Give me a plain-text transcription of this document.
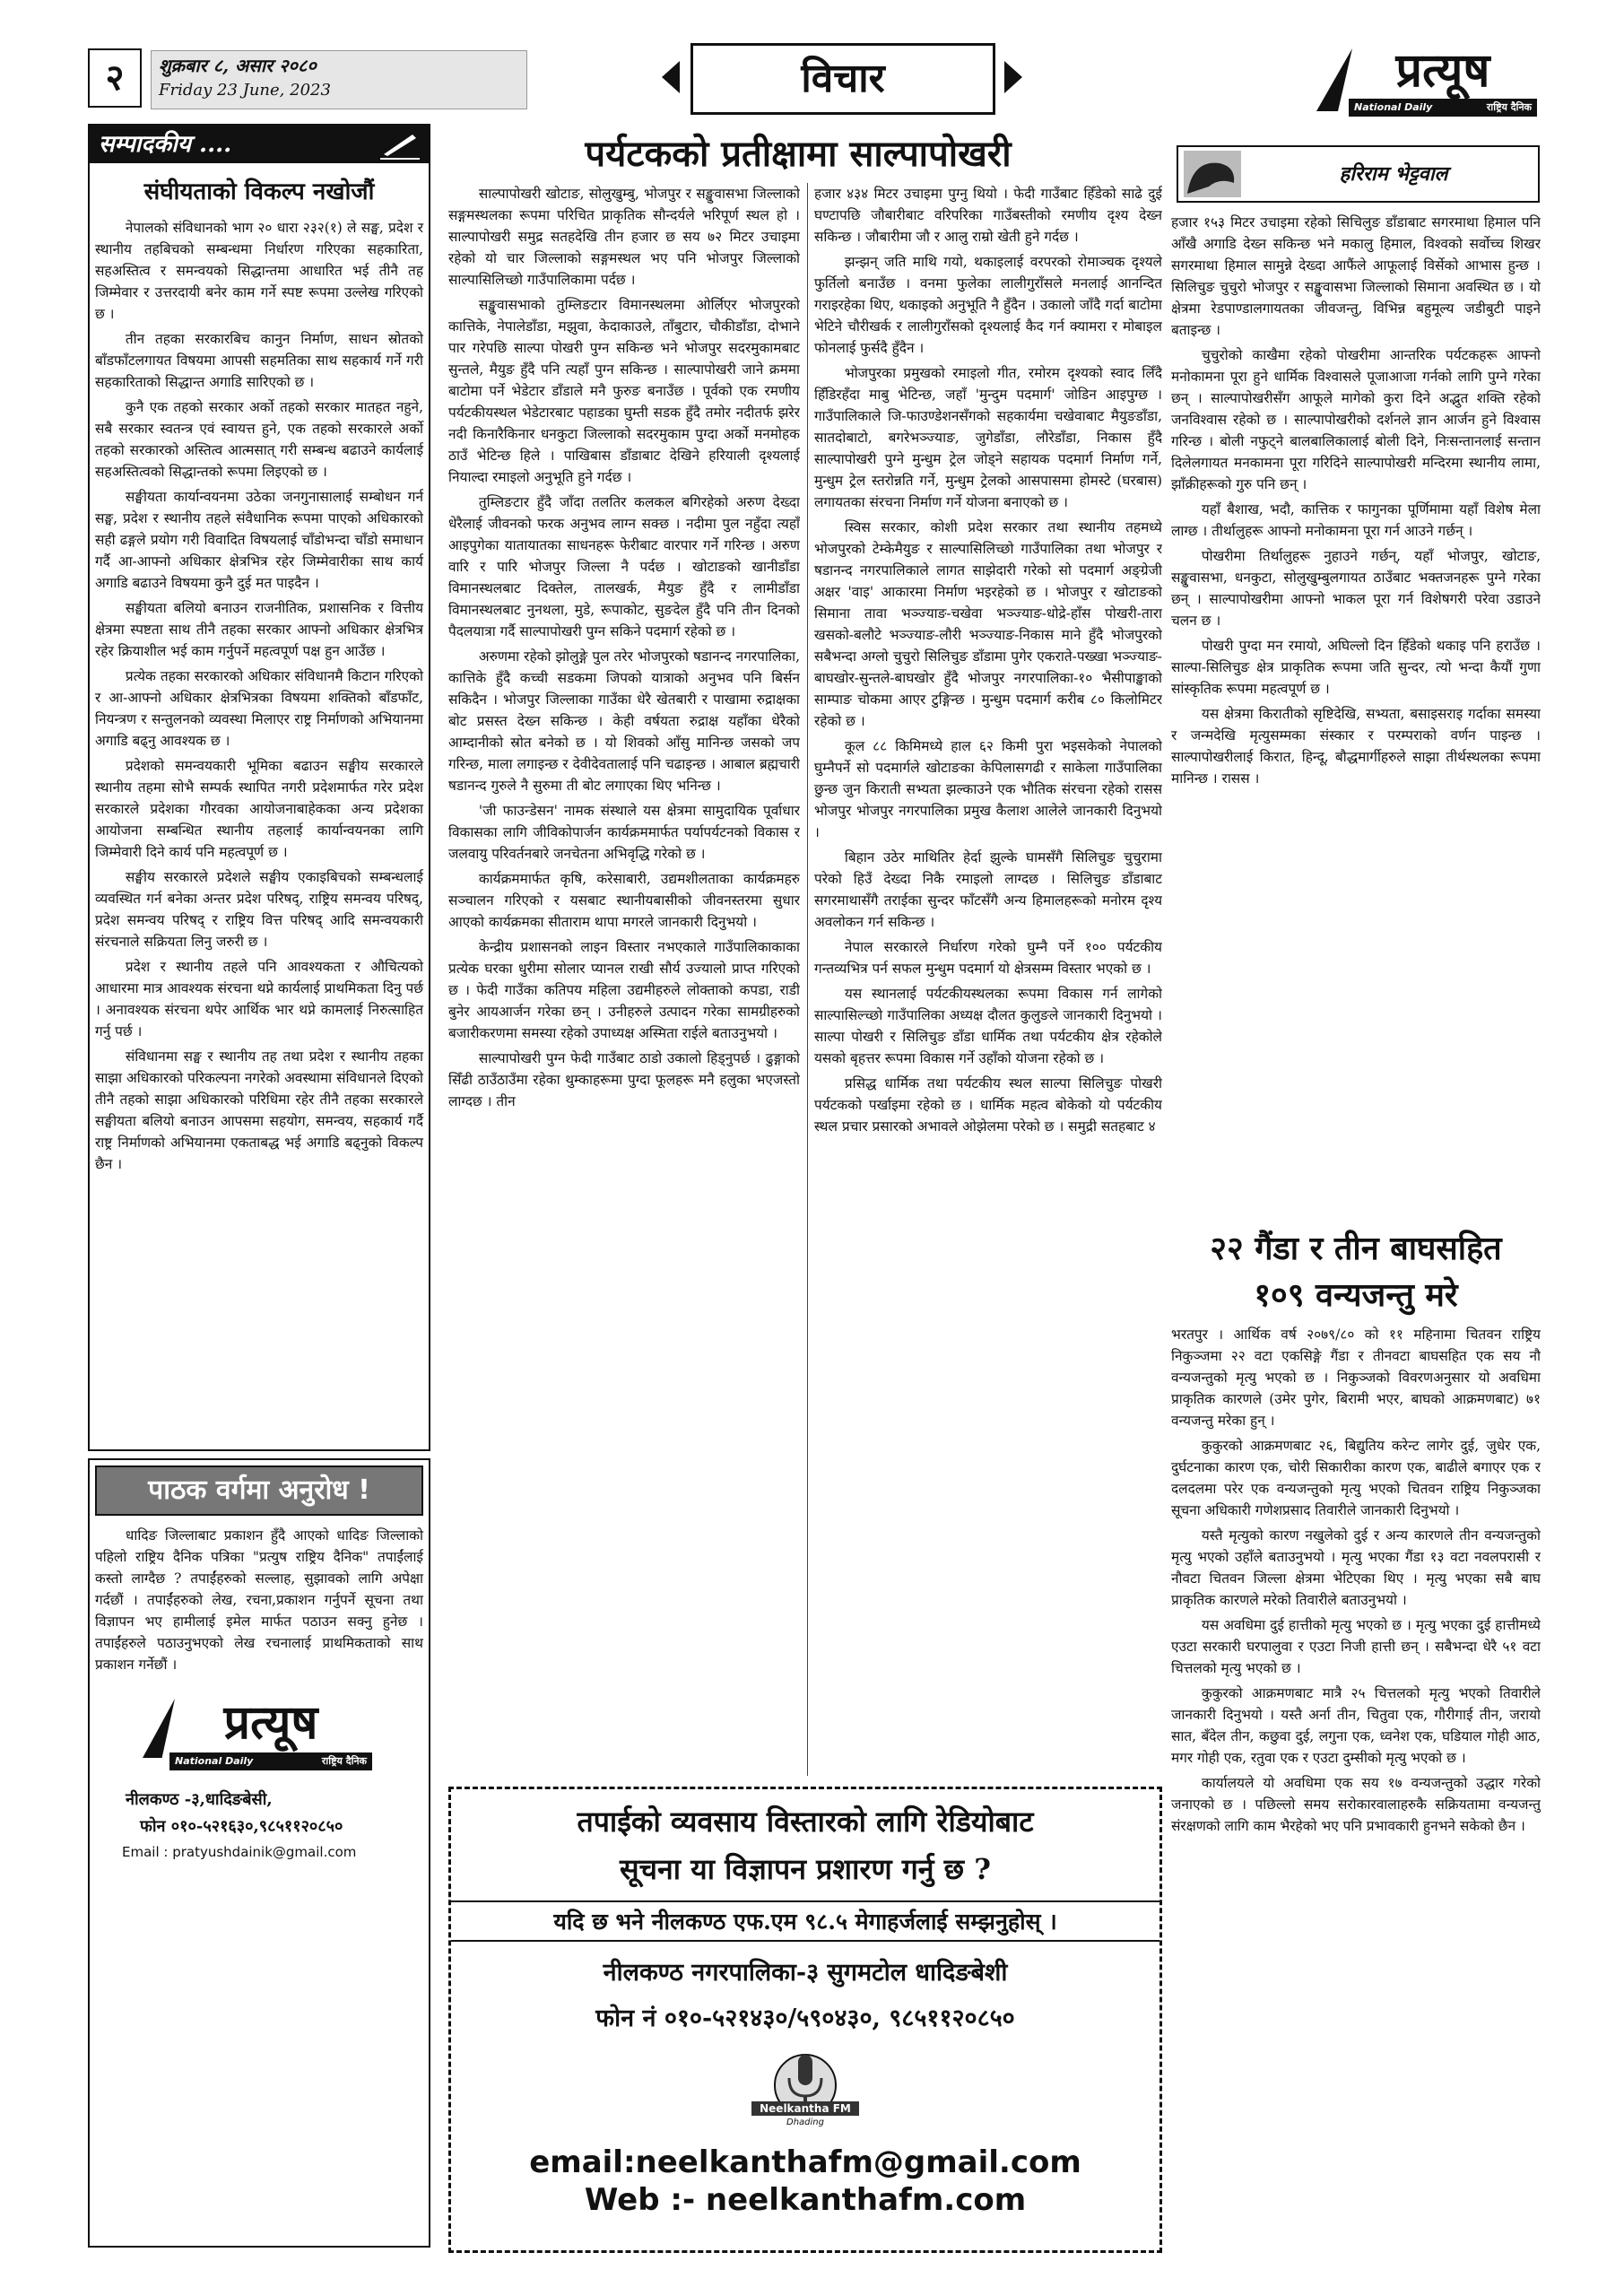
२	शुक्रबार ८, असार २०८०
Friday 23 June, 2023	विचार	प्रत्यूष
National Daily	राष्ट्रिय दैनिक
सम्पादकीय ....
संघीयताको विकल्प नखोजौं

नेपालको संविधानको भाग २० धारा २३२(१) ले सङ्घ, प्रदेश र स्थानीय तहबिचको सम्बन्धमा निर्धारण गरिएका सहकारिता, सहअस्तित्व र समन्वयको सिद्धान्तमा आधारित भई तीनै तह जिम्मेवार र उत्तरदायी बनेर काम गर्ने स्पष्ट रूपमा उल्लेख गरिएको छ ।

तीन तहका सरकारबिच कानुन निर्माण, साधन स्रोतको बाँडफाँटलगायत विषयमा आपसी सहमतिका साथ सहकार्य गर्ने गरी सहकारिताको सिद्धान्त अगाडि सारिएको छ ।

कुनै एक तहको सरकार अर्को तहको सरकार मातहत नहुने, सबै सरकार स्वतन्त्र एवं स्वायत्त हुने, एक तहको सरकारले अर्को तहको सरकारको अस्तित्व आत्मसात् गरी सम्बन्ध बढाउने कार्यलाई सहअस्तित्वको सिद्धान्तको रूपमा लिइएको छ ।

सङ्घीयता कार्यान्वयनमा उठेका जनगुनासालाई सम्बोधन गर्न सङ्घ, प्रदेश र स्थानीय तहले संवैधानिक रूपमा पाएको अधिकारको सही ढङ्गले प्रयोग गरी विवादित विषयलाई चाँडोभन्दा चाँडो समाधान गर्दै आ-आफ्नो अधिकार क्षेत्रभित्र रहेर जिम्मेवारीका साथ कार्य अगाडि बढाउने विषयमा कुनै दुई मत पाइदैन ।

सङ्घीयता बलियो बनाउन राजनीतिक, प्रशासनिक र वित्तीय क्षेत्रमा स्पष्टता साथ तीनै तहका सरकार आफ्नो अधिकार क्षेत्रभित्र रहेर क्रियाशील भई काम गर्नुपर्ने महत्वपूर्ण पक्ष हुन आउँछ ।

प्रत्येक तहका सरकारको अधिकार संविधानमै किटान गरिएको र आ-आफ्नो अधिकार क्षेत्रभित्रका विषयमा शक्तिको बाँडफाँट, नियन्त्रण र सन्तुलनको व्यवस्था मिलाएर राष्ट्र निर्माणको अभियानमा अगाडि बढ्नु आवश्यक छ ।

प्रदेशको समन्वयकारी भूमिका बढाउन सङ्घीय सरकारले स्थानीय तहमा सोभै सम्पर्क स्थापित नगरी प्रदेशमार्फत गरेर प्रदेश सरकारले प्रदेशका गौरवका आयोजनाबाहेकका अन्य प्रदेशका आयोजना सम्बन्धित स्थानीय तहलाई कार्यान्वयनका लागि जिम्मेवारी दिने कार्य पनि महत्वपूर्ण छ ।

सङ्घीय सरकारले प्रदेशले सङ्घीय एकाइबिचको सम्बन्धलाई व्यवस्थित गर्न बनेका अन्तर प्रदेश परिषद्, राष्ट्रिय समन्वय परिषद्, प्रदेश समन्वय परिषद् र राष्ट्रिय वित्त परिषद् आदि समन्वयकारी संरचनाले सक्रियता लिनु जरुरी छ ।

प्रदेश र स्थानीय तहले पनि आवश्यकता र औचित्यको आधारमा मात्र आवश्यक संरचना थप्ने कार्यलाई प्राथमिकता दिनु पर्छ । अनावश्यक संरचना थपेर आर्थिक भार थप्ने कामलाई निरुत्साहित गर्नु पर्छ ।

संविधानमा सङ्घ र स्थानीय तह तथा प्रदेश र स्थानीय तहका साझा अधिकारको परिकल्पना नगरेको अवस्थामा संविधानले दिएको तीनै तहको साझा अधिकारको परिधिमा रहेर तीनै तहका सरकारले सङ्घीयता बलियो बनाउन आपसमा सहयोग, समन्वय, सहकार्य गर्दै राष्ट्र निर्माणको अभियानमा एकताबद्ध भई अगाडि बढ्नुको विकल्प छैन ।

पाठक वर्गमा अनुरोध !

धादिङ जिल्लाबाट प्रकाशन हुँदै आएको धादिङ जिल्लाको पहिलो राष्ट्रिय दैनिक पत्रिका "प्रत्युष राष्ट्रिय दैनिक" तपाईंलाई कस्तो लाग्दैछ ? तपाईंहरुको सल्लाह, सुझावको लागि अपेक्षा गर्दछौं । तपाईंहरुको लेख, रचना,प्रकाशन गर्नुपर्ने सूचना तथा विज्ञापन भए हामीलाई इमेल मार्फत पठाउन सक्नु हुनेछ । तपाईंहरुले पठाउनुभएको लेख रचनालाई प्राथमिकताको साथ प्रकाशन गर्नेछौं ।

प्रत्यूष
National Daily	राष्ट्रिय दैनिक
नीलकण्ठ -३,धादिङबेसी,
फोन ०१०-५२१६३०,९८५११२०८५०
Email : pratyushdainik@gmail.com
पर्यटकको प्रतीक्षामा साल्पापोखरी

साल्पापोखरी खोटाङ, सोलुखुम्बु, भोजपुर र सङ्खुवासभा जिल्लाको सङ्गमस्थलका रूपमा परिचित प्राकृतिक सौन्दर्यले भरिपूर्ण स्थल हो । साल्पापोखरी समुद्र सतहदेखि तीन हजार छ सय ७२ मिटर उचाइमा रहेको यो चार जिल्लाको सङ्गमस्थल भए पनि भोजपुर जिल्लाको साल्पासिलिच्छो गाउँपालिकामा पर्दछ ।

सङ्खुवासभाको तुम्लिङटार विमानस्थलमा ओर्लिएर भोजपुरको कात्तिके, नेपालेडाँडा, मझुवा, केदाकाउले, ताँबुटार, चौकीडाँडा, दोभाने पार गरेपछि साल्पा पोखरी पुग्न सकिन्छ भने भोजपुर सदरमुकामबाट सुन्तले, मैयुङ हुँदै पनि त्यहाँ पुग्न सकिन्छ । साल्पापोखरी जाने क्रममा बाटोमा पर्ने भेडेटार डाँडाले मनै फुरुङ बनाउँछ । पूर्वको एक रमणीय पर्यटकीयस्थल भेडेटारबाट पहाडका घुम्ती सडक हुँदै तमोर नदीतर्फ झरेर नदी किनारैकिनार धनकुटा जिल्लाको सदरमुकाम पुग्दा अर्को मनमोहक ठाउँ भेटिन्छ हिले । पाखिबास डाँडाबाट देखिने हरियाली दृश्यलाई नियाल्दा रमाइलो अनुभूति हुने गर्दछ ।

तुम्लिङटार हुँदै जाँदा तलतिर कलकल बगिरहेको अरुण देख्दा धेरैलाई जीवनको फरक अनुभव लाग्न सक्छ । नदीमा पुल नहुँदा त्यहाँ आइपुगेका यातायातका साधनहरू फेरीबाट वारपार गर्ने गरिन्छ । अरुण वारि र पारि भोजपुर जिल्ला नै पर्दछ । खोटाङको खानीडाँडा विमानस्थलबाट दिक्तेल, तालखर्क, मैयुङ हुँदै र लामीडाँडा विमानस्थलबाट नुनथला, मुडे, रूपाकोट, सुङदेल हुँदै पनि तीन दिनको पैदलयात्रा गर्दै साल्पापोखरी पुग्न सकिने पदमार्ग रहेको छ ।

अरुणमा रहेको झोलुङ्गे पुल तरेर भोजपुरको षडानन्द नगरपालिका, कात्तिके हुँदै कच्ची सडकमा जिपको यात्राको अनुभव पनि बिर्सन सकिदैन । भोजपुर जिल्लाका गाउँका धेरै खेतबारी र पाखामा रुद्राक्षका बोट प्रसस्त देख्न सकिन्छ । केही वर्षयता रुद्राक्ष यहाँका धेरैको आम्दानीको स्रोत बनेको छ । यो शिवको आँसु मानिन्छ जसको जप गरिन्छ, माला लगाइन्छ र देवीदेवतालाई पनि चढाइन्छ । आबाल ब्रह्मचारी षडानन्द गुरुले नै सुरुमा ती बोट लगाएका थिए भनिन्छ ।

'जी फाउन्डेसन' नामक संस्थाले यस क्षेत्रमा सामुदायिक पूर्वाधार विकासका लागि जीविकोपार्जन कार्यक्रममार्फत पर्यापर्यटनको विकास र जलवायु परिवर्तनबारे जनचेतना अभिवृद्धि गरेको छ ।

कार्यक्रममार्फत कृषि, करेसाबारी, उद्यमशीलताका कार्यक्रमहरु सञ्चालन गरिएको र यसबाट स्थानीयबासीको जीवनस्तरमा सुधार आएको कार्यक्रमका सीताराम थापा मगरले जानकारी दिनुभयो ।

केन्द्रीय प्रशासनको लाइन विस्तार नभएकाले गाउँपालिकाकाका प्रत्येक घरका धुरीमा सोलार प्यानल राखी सौर्य उज्यालो प्राप्त गरिएको छ । फेदी गाउँका कतिपय महिला उद्यमीहरुले लोक्ताको कपडा, राडी बुनेर आयआर्जन गरेका छन् । उनीहरुले उत्पादन गरेका सामग्रीहरुको बजारीकरणमा समस्या रहेको उपाध्यक्ष अस्मिता राईले बताउनुभयो ।

साल्पापोखरी पुग्न फेदी गाउँबाट ठाडो उकालो हिड्नुपर्छ । ढुङ्गाको सिँढी ठाउँठाउँमा रहेका थुम्काहरूमा पुग्दा फूलहरू मनै हलुका भएजस्तो लाग्दछ । तीन

हजार ४३४ मिटर उचाइमा पुग्नु थियो । फेदी गाउँबाट हिँडेको साढे दुई घण्टापछि जौबारीबाट वरिपरिका गाउँबस्तीको रमणीय दृश्य देख्न सकिन्छ । जौबारीमा जौ र आलु राम्रो खेती हुने गर्दछ ।

झन्झन् जति माथि गयो, थकाइलाई वरपरको रोमाञ्चक दृश्यले फुर्तिलो बनाउँछ । वनमा फुलेका लालीगुराँसले मनलाई आनन्दित गराइरहेका थिए, थकाइको अनुभूति नै हुँदैन । उकालो जाँदै गर्दा बाटोमा भेटिने चौरीखर्क र लालीगुराँसको दृश्यलाई कैद गर्न क्यामरा र मोबाइल फोनलाई फुर्सदै हुँदैन ।

भोजपुरका प्रमुखको रमाइलो गीत, रमोरम दृश्यको स्वाद लिँदै हिँडिरहँदा माबु भेटिन्छ, जहाँ 'मुन्दुम पदमार्ग' जोडिन आइपुग्छ । गाउँपालिकाले जि-फाउण्डेशनसँगको सहकार्यमा चखेवाबाट मैयुङडाँडा, सातदोबाटो, बगरेभञ्ज्याङ, जुगेडाँडा, लौरेडाँडा, निकास हुँदै साल्पापोखरी पुग्ने मुन्धुम ट्रेल जोड्ने सहायक पदमार्ग निर्माण गर्ने, मुन्धुम ट्रेल स्तरोन्नति गर्ने, मुन्धुम ट्रेलको आसपासमा होमस्टे (घरबास) लगायतका संरचना निर्माण गर्ने योजना बनाएको छ ।

स्विस सरकार, कोशी प्रदेश सरकार तथा स्थानीय तहमध्ये भोजपुरको टेम्केमैयुङ र साल्पासिलिच्छो गाउँपालिका तथा भोजपुर र षडानन्द नगरपालिकाले लागत साझेदारी गरेको सो पदमार्ग अङ्ग्रेजी अक्षर 'वाइ' आकारमा निर्माण भइरहेको छ । भोजपुर र खोटाङको सिमाना तावा भञ्ज्याङ-चखेवा भञ्ज्याङ-धोद्रे-हाँस पोखरी-तारा खसको-बलौटे भञ्ज्याङ-लौरी भञ्ज्याङ-निकास माने हुँदै भोजपुरको सबैभन्दा अग्लो चुचुरो सिलिचुङ डाँडामा पुगेर एकराते-पख्खा भञ्ज्याङ-बाघखोर-सुन्तले-बाघखोर हुँदै भोजपुर नगरपालिका-१० भैसीपाङ्खाको साम्पाङ चोकमा आएर टुङ्गिन्छ । मुन्धुम पदमार्ग करीब ८० किलोमिटर रहेको छ ।

कूल ८८ किमिमध्ये हाल ६२ किमी पुरा भइसकेको नेपालको घुम्नैपर्ने सो पदमार्गले खोटाङका केपिलासगढी र साकेला गाउँपालिका छुन्छ जुन किराती सभ्यता झल्काउने एक भौतिक संरचना रहेको रासस भोजपुर भोजपुर नगरपालिका प्रमुख कैलाश आलेले जानकारी दिनुभयो ।

बिहान उठेर माथितिर हेर्दा झुल्के घामसँगै सिलिचुङ चुचुरामा परेको हिउँ देख्दा निकै रमाइलो लाग्दछ । सिलिचुङ डाँडाबाट सगरमाथासँगै तराईका सुन्दर फाँटसँगै अन्य हिमालहरूको मनोरम दृश्य अवलोकन गर्न सकिन्छ ।

नेपाल सरकारले निर्धारण गरेको घुम्नै पर्ने १०० पर्यटकीय गन्तव्यभित्र पर्न सफल मुन्धुम पदमार्ग यो क्षेत्रसम्म विस्तार भएको छ ।

यस स्थानलाई पर्यटकीयस्थलका रूपमा विकास गर्न लागेको साल्पासिल्च्छो गाउँपालिका अध्यक्ष दौलत कुलुङले जानकारी दिनुभयो । साल्पा पोखरी र सिलिचुङ डाँडा धार्मिक तथा पर्यटकीय क्षेत्र रहेकोले यसको बृहत्तर रूपमा विकास गर्ने उहाँको योजना रहेको छ ।

प्रसिद्ध धार्मिक तथा पर्यटकीय स्थल साल्पा सिलिचुङ पोखरी पर्यटकको पर्खाइमा रहेको छ । धार्मिक महत्व बोकेको यो पर्यटकीय स्थल प्रचार प्रसारको अभावले ओझेलमा परेको छ । समुद्री सतहबाट ४

हरिराम भेट्टवाल

हजार १५३ मिटर उचाइमा रहेको सिचिलुङ डाँडाबाट सगरमाथा हिमाल पनि आँखै अगाडि देख्न सकिन्छ भने मकालु हिमाल, विश्वको सर्वोच्च शिखर सगरमाथा हिमाल सामुन्ने देख्दा आफैंले आफूलाई विर्सेको आभास हुन्छ । सिलिचुङ चुचुरो भोजपुर र सङ्खुवासभा जिल्लाको सिमाना अवस्थित छ । यो क्षेत्रमा रेडपाण्डालगायतका जीवजन्तु, विभिन्न बहुमूल्य जडीबुटी पाइने बताइन्छ ।

चुचुरोको काखैमा रहेको पोखरीमा आन्तरिक पर्यटकहरू आफ्नो मनोकामना पूरा हुने धार्मिक विश्वासले पूजाआजा गर्नको लागि पुग्ने गरेका छन् । साल्पापोखरीसँग आफूले मागेको कुरा दिने अद्भुत शक्ति रहेको जनविश्वास रहेको छ । साल्पापोखरीको दर्शनले ज्ञान आर्जन हुने विश्वास गरिन्छ । बोली नफुट्ने बालबालिकालाई बोली दिने, निःसन्तानलाई सन्तान दिलेलगायत मनकामना पूरा गरिदिने साल्पापोखरी मन्दिरमा स्थानीय लामा, झाँक्रीहरूको गुरु पनि छन् ।

यहाँ बैशाख, भदौ, कात्तिक र फागुनका पूर्णिमामा यहाँ विशेष मेला लाग्छ । तीर्थालुहरू आफ्नो मनोकामना पूरा गर्न आउने गर्छन् ।

पोखरीमा तिर्थालुहरू नुहाउने गर्छन्, यहाँ भोजपुर, खोटाङ, सङ्खुवासभा, धनकुटा, सोलुखुम्बुलगायत ठाउँबाट भक्तजनहरू पुग्ने गरेका छन् । साल्पापोखरीमा आफ्नो भाकल पूरा गर्न विशेषगरी परेवा उडाउने चलन छ ।

पोखरी पुग्दा मन रमायो, अघिल्लो दिन हिँडेको थकाइ पनि हराउँछ । साल्पा-सिलिचुङ क्षेत्र प्राकृतिक रूपमा जति सुन्दर, त्यो भन्दा कैयौं गुणा सांस्कृतिक रूपमा महत्वपूर्ण छ ।

यस क्षेत्रमा किरातीको सृष्टिदेखि, सभ्यता, बसाइसराइ गर्दाका समस्या र जन्मदेखि मृत्युसम्मका संस्कार र परम्पराको वर्णन पाइन्छ । साल्पापोखरीलाई किरात, हिन्दू, बौद्धमार्गीहरुले साझा तीर्थस्थलका रूपमा मानिन्छ । रासस ।

२२ गैंडा र तीन बाघसहित
१०९ वन्यजन्तु मरे

भरतपुर । आर्थिक वर्ष २०७९/८० को ११ महिनामा चितवन राष्ट्रिय निकुञ्जमा २२ वटा एकसिङ्गे गैंडा र तीनवटा बाघसहित एक सय नौ वन्यजन्तुको मृत्यु भएको छ । निकुञ्जको विवरणअनुसार यो अवधिमा प्राकृतिक कारणले (उमेर पुगेर, बिरामी भएर, बाघको आक्रमणबाट) ७१ वन्यजन्तु मरेका हुन् ।

कुकुरको आक्रमणबाट २६, बिद्युतिय करेन्ट लागेर दुई, जुधेर एक, दुर्घटनाका कारण एक, चोरी सिकारीका कारण एक, बाढीले बगाएर एक र दलदलमा परेर एक वन्यजन्तुको मृत्यु भएको चितवन राष्ट्रिय निकुञ्जका सूचना अधिकारी गणेशप्रसाद तिवारीले जानकारी दिनुभयो ।

यस्तै मृत्युको कारण नखुलेको दुई र अन्य कारणले तीन वन्यजन्तुको मृत्यु भएको उहाँले बताउनुभयो । मृत्यु भएका गैंडा १३ वटा नवलपरासी र नौवटा चितवन जिल्ला क्षेत्रमा भेटिएका थिए । मृत्यु भएका सबै बाघ प्राकृतिक कारणले मरेको तिवारीले बताउनुभयो ।

यस अवधिमा दुई हात्तीको मृत्यु भएको छ । मृत्यु भएका दुई हात्तीमध्ये एउटा सरकारी घरपालुवा र एउटा निजी हात्ती छन् । सबैभन्दा धेरै ५१ वटा चित्तलको मृत्यु भएको छ ।

कुकुरको आक्रमणबाट मात्रै २५ चित्तलको मृत्यु भएको तिवारीले जानकारी दिनुभयो । यस्तै अर्ना तीन, चितुवा एक, गौरीगाई तीन, जरायो सात, बँदेल तीन, कछुवा दुई, लगुना एक, ध्वनेश एक, घडियाल गोही आठ, मगर गोही एक, रतुवा एक र एउटा दुम्सीको मृत्यु भएको छ ।

कार्यालयले यो अवधिमा एक सय १७ वन्यजन्तुको उद्धार गरेको जनाएको छ । पछिल्लो समय सरोकारवालाहरुकै सक्रियतामा वन्यजन्तु संरक्षणको लागि काम भैरहेको भए पनि प्रभावकारी हुनभने सकेको छैन ।

तपाईको व्यवसाय विस्तारको लागि रेडियोबाट
सूचना या विज्ञापन प्रशारण गर्नु छ ?
यदि छ भने नीलकण्ठ एफ.एम ९८.५ मेगाहर्जलाई सम्झनुहोस् ।
नीलकण्ठ नगरपालिका-३ सुगमटोल धादिङबेशी
फोन नं ०१०-५२१४३०/५९०४३०, ९८५११२०८५०
Neelkantha FM
Dhading
email:neelkanthafm@gmail.com
Web :- neelkanthafm.com
